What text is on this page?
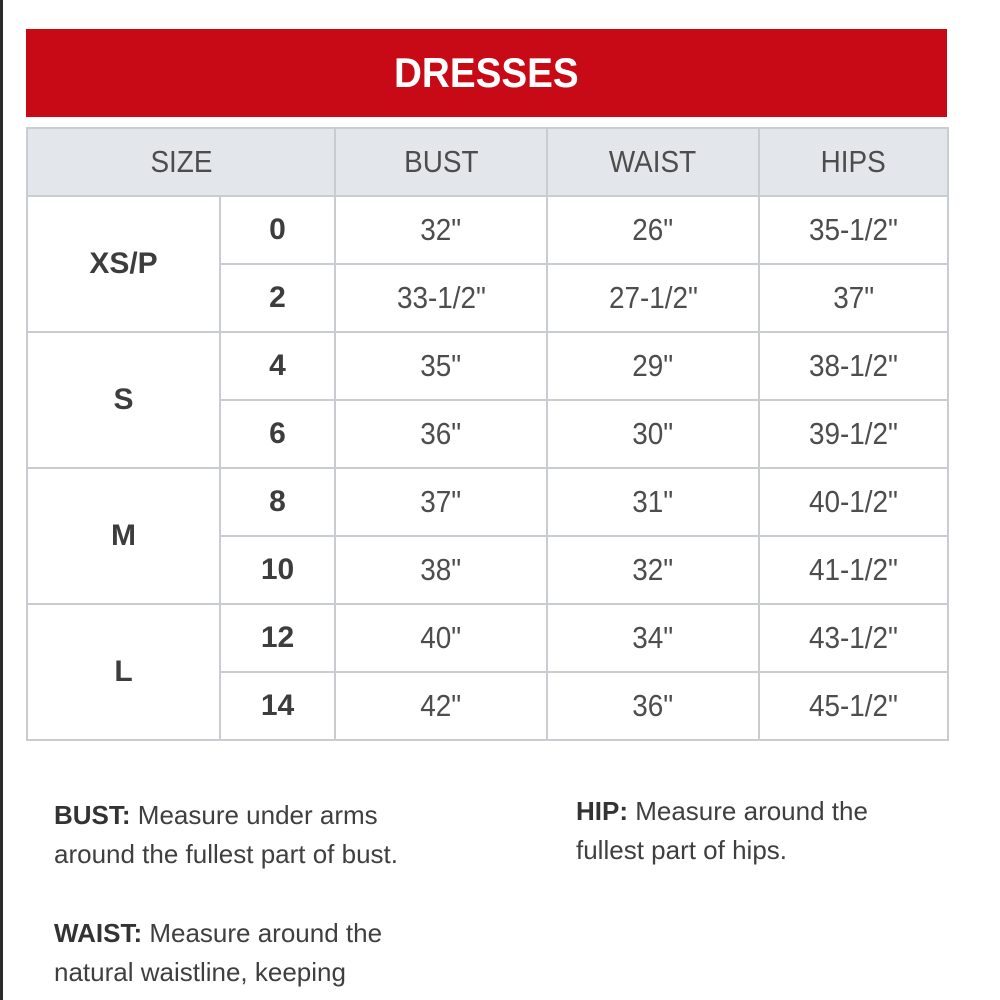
DRESSES
SIZE		BUST	WAIST	HIPS
XS/P	0	32"	26"	35-1/2"
	2	33-1/2"	27-1/2"	37"
S	4	35"	29"	38-1/2"
	6	36"	30"	39-1/2"
M	8	37"	31"	40-1/2"
	10	38"	32"	41-1/2"
L	12	40"	34"	43-1/2"
	14	42"	36"	45-1/2"
BUST: Measure under arms
around the fullest part of bust.
HIP: Measure around the
fullest part of hips.
WAIST: Measure around the
natural waistline, keeping
